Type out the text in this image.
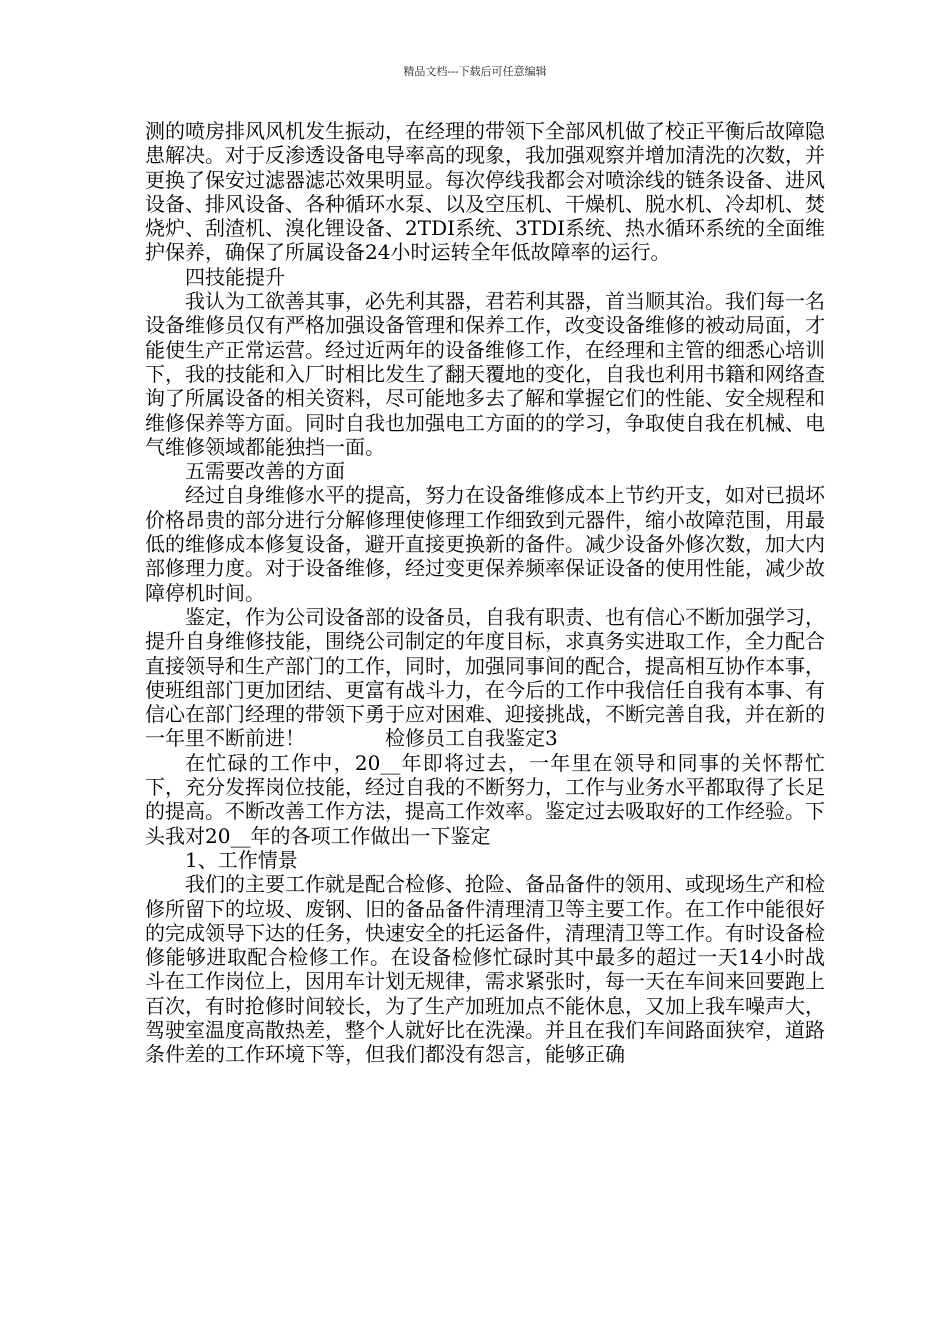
精品文档---下载后可任意编辑

测的喷房排风风机发生振动，在经理的带领下全部风机做了校正平衡后故障隐患解决。对于反渗透设备电导率高的现象，我加强观察并增加清洗的次数，并更换了保安过滤器滤芯效果明显。每次停线我都会对喷涂线的链条设备、进风设备、排风设备、各种循环水泵、以及空压机、干燥机、脱水机、冷却机、焚烧炉、刮渣机、溴化锂设备、2TDI系统、3TDI系统、热水循环系统的全面维护保养，确保了所属设备24小时运转全年低故障率的运行。

四技能提升

我认为工欲善其事，必先利其器，君若利其器，首当顺其治。我们每一名设备维修员仅有严格加强设备管理和保养工作，改变设备维修的被动局面，才能使生产正常运营。经过近两年的设备维修工作，在经理和主管的细悉心培训下，我的技能和入厂时相比发生了翻天覆地的变化，自我也利用书籍和网络查询了所属设备的相关资料，尽可能地多去了解和掌握它们的性能、安全规程和维修保养等方面。同时自我也加强电工方面的的学习，争取使自我在机械、电气维修领域都能独挡一面。

五需要改善的方面

经过自身维修水平的提高，努力在设备维修成本上节约开支，如对已损坏价格昂贵的部分进行分解修理使修理工作细致到元器件，缩小故障范围，用最低的维修成本修复设备，避开直接更换新的备件。减少设备外修次数，加大内部修理力度。对于设备维修，经过变更保养频率保证设备的使用性能，减少故障停机时间。

鉴定，作为公司设备部的设备员，自我有职责、也有信心不断加强学习，提升自身维修技能，围绕公司制定的年度目标，求真务实进取工作，全力配合直接领导和生产部门的工作，同时，加强同事间的配合，提高相互协作本事，使班组部门更加团结、更富有战斗力，在今后的工作中我信任自我有本事、有信心在部门经理的带领下勇于应对困难、迎接挑战，不断完善自我，并在新的一年里不断前进！	检修员工自我鉴定3

在忙碌的工作中，20__年即将过去，一年里在领导和同事的关怀帮忙下，充分发挥岗位技能，经过自我的不断努力，工作与业务水平都取得了长足的提高。不断改善工作方法，提高工作效率。鉴定过去吸取好的工作经验。下头我对20__年的各项工作做出一下鉴定

1、工作情景

我们的主要工作就是配合检修、抢险、备品备件的领用、或现场生产和检修所留下的垃圾、废钢、旧的备品备件清理清卫等主要工作。在工作中能很好的完成领导下达的任务，快速安全的托运备件，清理清卫等工作。有时设备检修能够进取配合检修工作。在设备检修忙碌时其中最多的超过一天14小时战斗在工作岗位上，因用车计划无规律，需求紧张时，每一天在车间来回要跑上百次，有时抢修时间较长，为了生产加班加点不能休息，又加上我车噪声大，驾驶室温度高散热差，整个人就好比在洗澡。并且在我们车间路面狭窄，道路条件差的工作环境下等，但我们都没有怨言，能够正确
